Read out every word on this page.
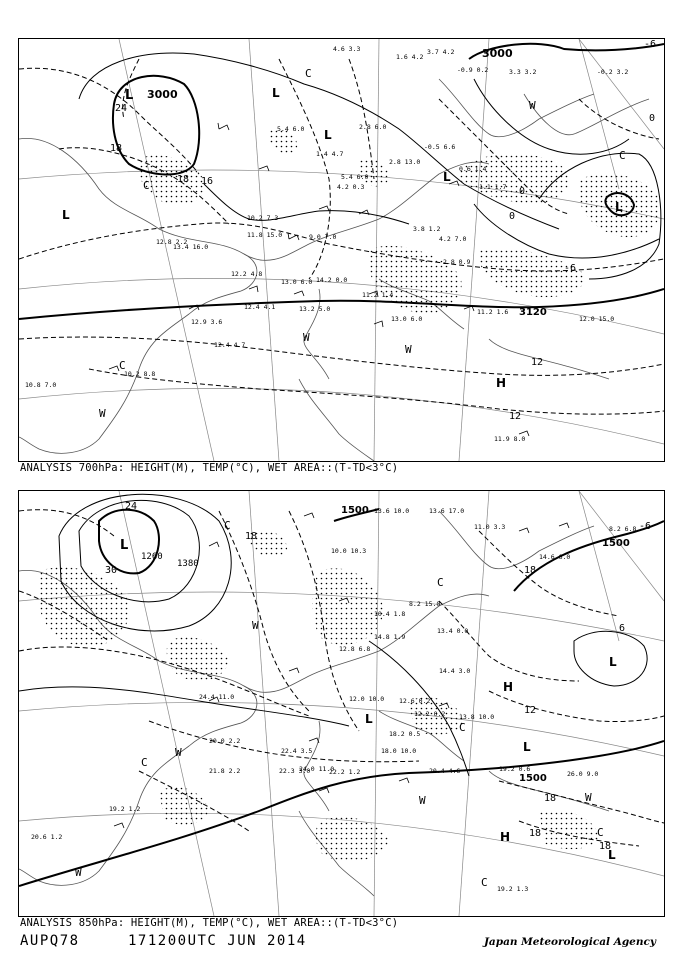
3000
3000
3120
24
18
18 16
12
12
0
0
0
-6
-6
L	L
L
L
L
L
H
C
C
C
C
W
W
W
W
4.6 3.3
1.6 4.2
3.7 4.2
-0.9 0.2	3.3 3.2	-0.2 3.2
5.4 6.0
1.4 4.7
5.4 6.0
4.2 0.3
2.8 6.0
2.8 13.0
-0.5 6.6
0.6 1.4
1.1 1.7
10.2 7.3
11.8 15.0
13.4 16.0
12.8 2.2
9.0 7.0
12.2 4.8
12.4 4.1
12.9 3.6
13.0 6.0 14.2 0.0
13.2 5.0
13.0 6.0
11.2 1.4
11.2 1.6
12.0 15.0
3.8 1.2
4.2 7.0
2.8 0.9
10.8 7.0
10.2 8.8
12.4 4.7
11.9 8.0
ANALYSIS 700hPa: HEIGHT(M), TEMP(°C), WET AREA::(T-TD<3°C)
1500
1500
1500
1380
1260
30
24
18
18
12
6
18
18
18
-6
L
L
L
L
L
H
H
C
C
C
C
C
C
W
W
W	W
W
13.6 10.0	13.6 17.0
11.0 3.3	8.2 6.8
14.6 6.0
10.0 10.3
8.2 15.0
13.4 0.0
10.4 1.8
12.6 0.2
14.8 1.9
12.8 6.8
14.4 3.0
12.2 0.2 13.8 10.0
18.0 10.0
12.0 10.0
20.0 2.2
21.8 2.2
24.4 11.0
22.4 3.5
19.2 0.6
20.4 4.6	26.0 9.0
22.2 1.2
24.0 11.0
22.3 3.0
19.2 1.3
20.6 1.2
19.2 1.2
18.2 0.5
ANALYSIS 850hPa: HEIGHT(M), TEMP(°C), WET AREA::(T-TD<3°C)
AUPQ78	171200UTC JUN 2014	Japan Meteorological Agency
